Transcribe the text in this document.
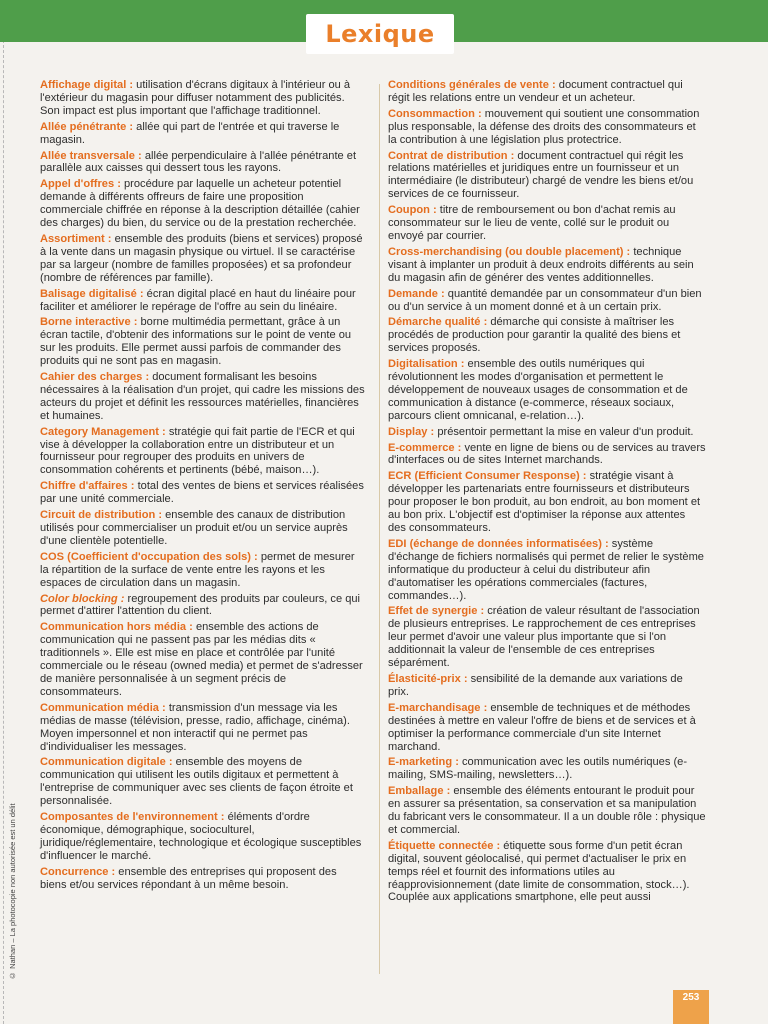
Lexique

Affichage digital : utilisation d'écrans digitaux à l'intérieur ou à l'extérieur du magasin pour diffuser notamment des publicités. Son impact est plus important que l'affichage traditionnel.

Allée pénétrante : allée qui part de l'entrée et qui traverse le magasin.

Allée transversale : allée perpendiculaire à l'allée pénétrante et parallèle aux caisses qui dessert tous les rayons.

Appel d'offres : procédure par laquelle un acheteur potentiel demande à différents offreurs de faire une proposition commerciale chiffrée en réponse à la description détaillée (cahier des charges) du bien, du service ou de la prestation recherchée.

Assortiment : ensemble des produits (biens et services) proposé à la vente dans un magasin physique ou virtuel. Il se caractérise par sa largeur (nombre de familles proposées) et sa profondeur (nombre de références par famille).

Balisage digitalisé : écran digital placé en haut du linéaire pour faciliter et améliorer le repérage de l'offre au sein du linéaire.

Borne interactive : borne multimédia permettant, grâce à un écran tactile, d'obtenir des informations sur le point de vente ou sur les produits. Elle permet aussi parfois de commander des produits qui ne sont pas en magasin.

Cahier des charges : document formalisant les besoins nécessaires à la réalisation d'un projet, qui cadre les missions des acteurs du projet et définit les ressources matérielles, financières et humaines.

Category Management : stratégie qui fait partie de l'ECR et qui vise à développer la collaboration entre un distributeur et un fournisseur pour regrouper des produits en univers de consommation cohérents et pertinents (bébé, maison…).

Chiffre d'affaires : total des ventes de biens et services réalisées par une unité commerciale.

Circuit de distribution : ensemble des canaux de distribution utilisés pour commercialiser un produit et/ou un service auprès d'une clientèle potentielle.

COS (Coefficient d'occupation des sols) : permet de mesurer la répartition de la surface de vente entre les rayons et les espaces de circulation dans un magasin.

Color blocking : regroupement des produits par couleurs, ce qui permet d'attirer l'attention du client.

Communication hors média : ensemble des actions de communication qui ne passent pas par les médias dits « traditionnels ». Elle est mise en place et contrôlée par l'unité commerciale ou le réseau (owned media) et permet de s'adresser de manière personnalisée à un segment précis de consommateurs.

Communication média : transmission d'un message via les médias de masse (télévision, presse, radio, affichage, cinéma). Moyen impersonnel et non interactif qui ne permet pas d'individualiser les messages.

Communication digitale : ensemble des moyens de communication qui utilisent les outils digitaux et permettent à l'entreprise de communiquer avec ses clients de façon étroite et personnalisée.

Composantes de l'environnement : éléments d'ordre économique, démographique, socioculturel, juridique/réglementaire, technologique et écologique susceptibles d'influencer le marché.

Concurrence : ensemble des entreprises qui proposent des biens et/ou services répondant à un même besoin.

Conditions générales de vente : document contractuel qui régit les relations entre un vendeur et un acheteur.

Consommaction : mouvement qui soutient une consommation plus responsable, la défense des droits des consommateurs et la contribution à une législation plus protectrice.

Contrat de distribution : document contractuel qui régit les relations matérielles et juridiques entre un fournisseur et un intermédiaire (le distributeur) chargé de vendre les biens et/ou services de ce fournisseur.

Coupon : titre de remboursement ou bon d'achat remis au consommateur sur le lieu de vente, collé sur le produit ou envoyé par courrier.

Cross-merchandising (ou double placement) : technique visant à implanter un produit à deux endroits différents au sein du magasin afin de générer des ventes additionnelles.

Demande : quantité demandée par un consommateur d'un bien ou d'un service à un moment donné et à un certain prix.

Démarche qualité : démarche qui consiste à maîtriser les procédés de production pour garantir la qualité des biens et services proposés.

Digitalisation : ensemble des outils numériques qui révolutionnent les modes d'organisation et permettent le développement de nouveaux usages de consommation et de communication à distance (e-commerce, réseaux sociaux, parcours client omnicanal, e-relation…).

Display : présentoir permettant la mise en valeur d'un produit.

E-commerce : vente en ligne de biens ou de services au travers d'interfaces ou de sites Internet marchands.

ECR (Efficient Consumer Response) : stratégie visant à développer les partenariats entre fournisseurs et distributeurs pour proposer le bon produit, au bon endroit, au bon moment et au bon prix. L'objectif est d'optimiser la réponse aux attentes des consommateurs.

EDI (échange de données informatisées) : système d'échange de fichiers normalisés qui permet de relier le système informatique du producteur à celui du distributeur afin d'automatiser les opérations commerciales (factures, commandes…).

Effet de synergie : création de valeur résultant de l'association de plusieurs entreprises. Le rapprochement de ces entreprises leur permet d'avoir une valeur plus importante que si l'on additionnait la valeur de l'ensemble de ces entreprises séparément.

Élasticité-prix : sensibilité de la demande aux variations de prix.

E-marchandisage : ensemble de techniques et de méthodes destinées à mettre en valeur l'offre de biens et de services et à optimiser la performance commerciale d'un site Internet marchand.

E-marketing : communication avec les outils numériques (e-mailing, SMS-mailing, newsletters…).

Emballage : ensemble des éléments entourant le produit pour en assurer sa présentation, sa conservation et sa manipulation du fabricant vers le consommateur. Il a un double rôle : physique et commercial.

Étiquette connectée : étiquette sous forme d'un petit écran digital, souvent géolocalisé, qui permet d'actualiser le prix en temps réel et fournit des informations utiles au réapprovisionnement (date limite de consommation, stock…). Couplée aux applications smartphone, elle peut aussi

© Nathan – La photocopie non autorisée est un délit
253
